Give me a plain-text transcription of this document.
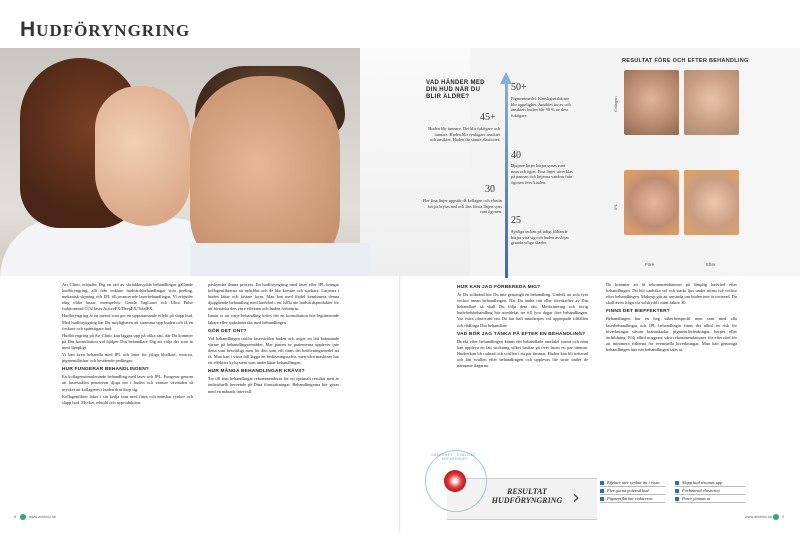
HUDFÖRYNGRING
VAD HÄNDER MED DIN HUD NÄR DU BLIR ÄLDRE?
50+
Pigmentmedel. Känslighetsbärare blir oppelighet. Ansiktet tar av och ansiktets huden blir 90 % av dess fuktigare.
45+
Huden blir tunnare. Det blir fuktigare och tunnare. Huden blir rynkigare ansiktet och ansiktet. Huden får sämre elasticitet.
40
Djupare linjer börjar synas runt mun och ögon. Fina linjer utvecklas på pannan och linjerna vandrar från ögonen över kinden.
30
Fler fina linjer uppstår då kollagen och elastin börjar brytas ned och den första linjen syns runt ögonen.
25
Synliga tecken på tidigt åldrande börjar visa sig och huden avslöjar grunda ytliga skador.
RESULTAT FÖRE OCH EFTER BEHANDLING
Kollagen
IPL
Före	Efter

Art Clinic erbjuder Dig en rad av skräddarsydda behandlingar gällande hudföryngring, allt från enklare hudvårdsbehandlingar som peeling, mekanisk slipning och IPL till avancerade laserbehandlingar. Vi erbjuder idag olika lasrar, exempelvis: Gentle YagLaser och Ultra Pulse fraktionerad CO2 laser ActiveFX/DeepFX/TotalFX.

Hudföryngring är en metod som ger en uppstramande effekt på slapp hud. Med hudföryngring har Du möjligheten att stramma upp huden och få en friskare och spänstigare hud.

Hudföryngring på Art Clinic kan läggas upp på olika sätt, där Du kommer på Din konsultation vid hjälper Din behandlare Dig att välja det som är mest lämpligt.

Vi kan även behandla med IPL och laser för ytliga blodkärl, rosacea, pigmentfläckar och bestående pedlingar.

HUR FUNGERAR BEHANDLINGEN?

En kollagenstimulerande behandling med laser och IPL. Fungerar genom att laserstrålen penetrerar djupt ner i huden och värmer vävnaden så mycket att kollagenet i huden drar ihop sig.

Kollagenfibrer läker i sin kedja som med fines och minskar rynkor och slapp hud. Mycket rebuild och nyproduktion.

påskyndar denna process. En hudföryngring med laser eller IPL bringar kollagenfibrerna att nybildas och de blir kortare och starkare. Linjerna i huden lättar och fastare form. Man kan med fördel kombinera denna djupgående behandling med hudvård i en, hålla ute hudvårdsprodukter för att förstärka den yttre effekten och huden förbättras.

Innan vi tar varje behandling krävs det en konsultation hos legitimerade läkare eller sjuksköterska med behandlingen.

GÖR DET ONT?

Vid behandlingen träffar laserstrålen huden och avger en lätt brännande värme på behandlingsområdet. Mer parten av patienterna upplever inte detta som besvärligt men för den som vill finns det bedövningsmedel att få. Man kan i vissa fall lägga en bedövningssalva, men våra maskiner har ett effektivt kylsystem som underlättar behandlingen.

HUR MÅNGA BEHANDLINGAR KRÄVS?

Tre till fem behandlingar rekommenderas för ett optimalt resultat men är individuellt beroende på Dina förutsättningar. Behandlingarna bör göras med en månads intervall.

HUR KAN JAG FÖRBEREDA MIG?

Är Du solbränd bör Du inte genomgå en behandling. Undvik att sola fyra veckor innan behandlingen. När Du ändra rätt eller föreskrifter av Din behandlare så skall Du följa dem rätt. Medicinering och övrig hudvårdsbehandling bör meddelas tre till fyra dagar före behandlingen. Var extra observant om Du har haft munherpes vid upprepade tillfällen och rådfråga Din behandlare.

VAD BÖR JAG TÄNKA PÅ EFTER EN BEHANDLING?

Direkt efter behandlingen känns det behandlade området varmt och man kan uppleva en lätt stickning vilket brukar gå över inom ett par timmar. Huden kan bli rodnad och svullen i ett par timmar. Huden kan bli irriterad och lätt svullen efter behandlingen och upplevas lite sträv under de närmaste dagarna.

Du kommer att få rekommendationer på lämplig hudvård efter behandlingen. Du bör undvika sol och starkt ljus under minst två veckor efter behandlingen. Makeup går att använda om huden inte är irriterad. Du skall även fråga via solskydd i mint faktor 30.

FINNS DET BIEFFEKTER?

Behandlingen har en hög säkerhetsprofil men som med alla laserbehandlingar och IPL behandlingar finns det alltid en risk för biverkningar såsom brännskador, pigmentförändringar, herpes eller ärrbildning. Följ alltid noggrant våra rekommendationer för eftervård för att minimera riskerna för eventuella biverkningar. Man kan genomgå behandlingen åter när behandlingen sätts ut.

SÄKERHET · KVALITET · ERFARENHET
RESULTAT
HUDFÖRYNGRING ›
Effekter mer synbar än i vissa
Fler gorna polerad hud
Pigmentfläckar reduceras
Slapp hud stramas upp
Förbättrad elasticitet
Porer jämnas ut
8	www.artclinic.se	www.artclinic.se	9
